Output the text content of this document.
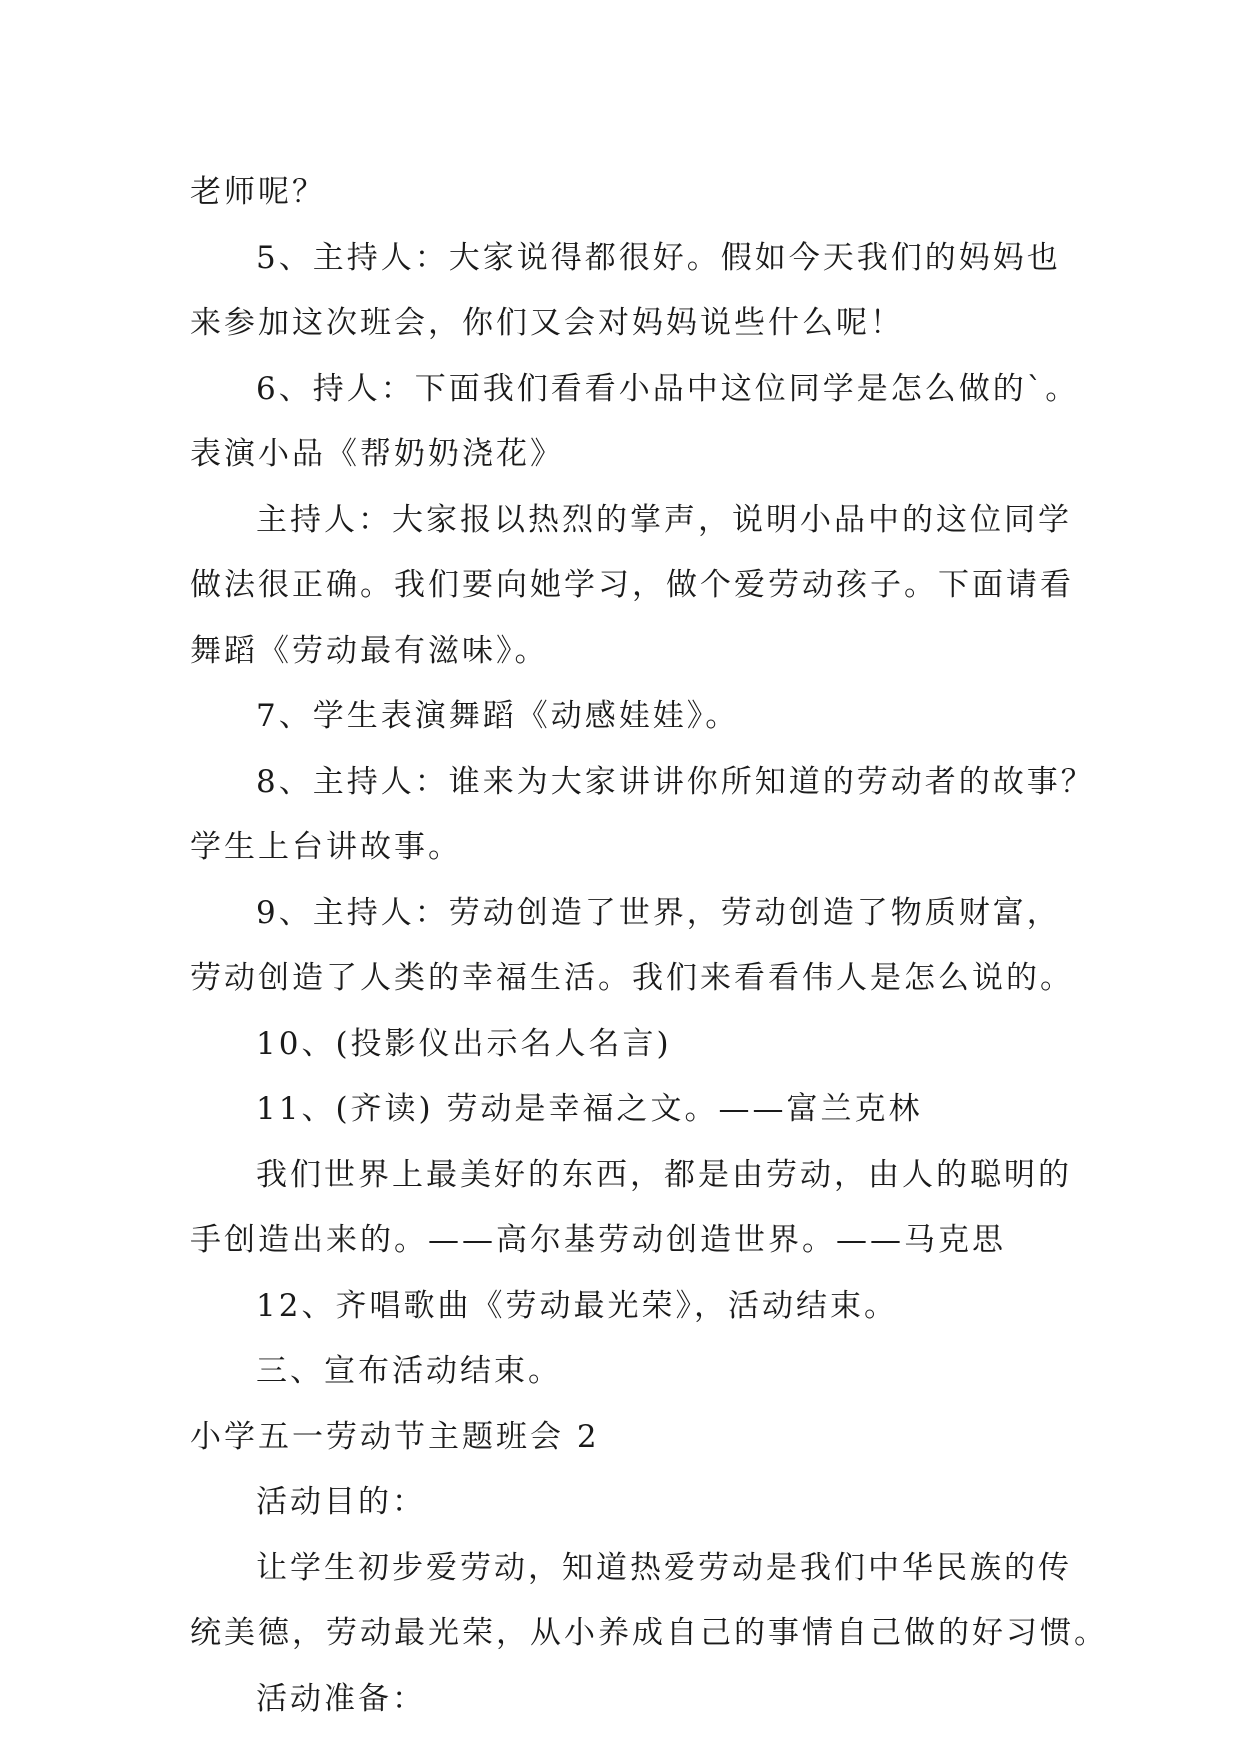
老师呢？
5、主持人：大家说得都很好。假如今天我们的妈妈也
来参加这次班会，你们又会对妈妈说些什么呢！
6、持人：下面我们看看小品中这位同学是怎么做的`。
表演小品《帮奶奶浇花》
主持人：大家报以热烈的掌声，说明小品中的这位同学
做法很正确。我们要向她学习，做个爱劳动孩子。下面请看
舞蹈《劳动最有滋味》。
7、学生表演舞蹈《动感娃娃》。
8、主持人：谁来为大家讲讲你所知道的劳动者的故事？
学生上台讲故事。
9、主持人：劳动创造了世界，劳动创造了物质财富，
劳动创造了人类的幸福生活。我们来看看伟人是怎么说的。
10、(投影仪出示名人名言)
11、(齐读) 劳动是幸福之文。——富兰克林
我们世界上最美好的东西，都是由劳动，由人的聪明的
手创造出来的。——高尔基劳动创造世界。——马克思
12、齐唱歌曲《劳动最光荣》，活动结束。
三、宣布活动结束。
小学五一劳动节主题班会 2
活动目的：
让学生初步爱劳动，知道热爱劳动是我们中华民族的传
统美德，劳动最光荣，从小养成自己的事情自己做的好习惯。
活动准备：
